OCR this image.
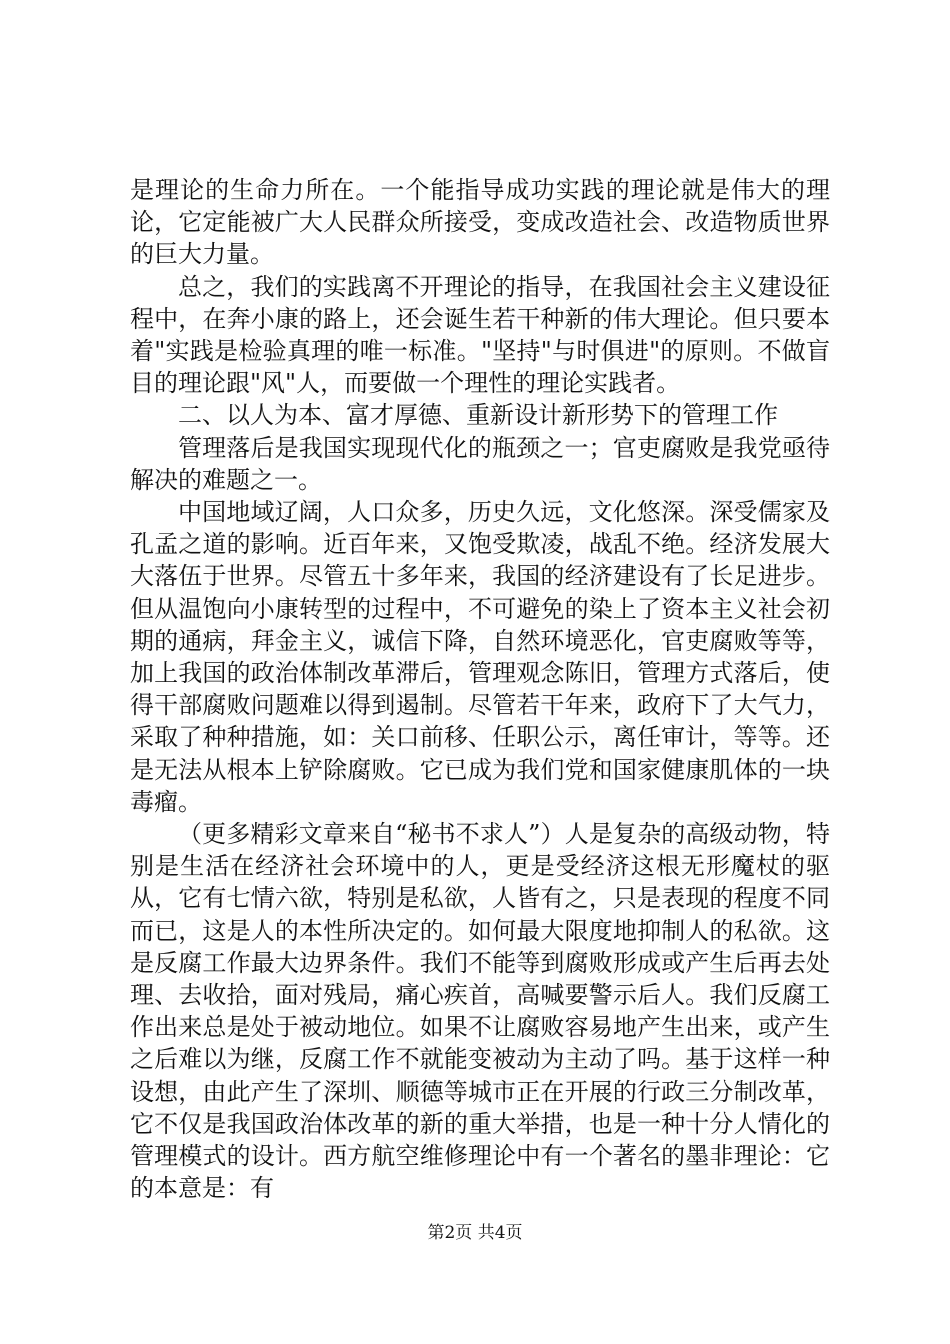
是理论的生命力所在。一个能指导成功实践的理论就是伟大的理论，它定能被广大人民群众所接受，变成改造社会、改造物质世界的巨大力量。

总之，我们的实践离不开理论的指导，在我国社会主义建设征程中，在奔小康的路上，还会诞生若干种新的伟大理论。但只要本着"实践是检验真理的唯一标准。"坚持"与时俱进"的原则。不做盲目的理论跟"风"人，而要做一个理性的理论实践者。

二、以人为本、富才厚德、重新设计新形势下的管理工作

管理落后是我国实现现代化的瓶颈之一；官吏腐败是我党亟待解决的难题之一。

中国地域辽阔，人口众多，历史久远，文化悠深。深受儒家及孔孟之道的影响。近百年来，又饱受欺凌，战乱不绝。经济发展大大落伍于世界。尽管五十多年来，我国的经济建设有了长足进步。但从温饱向小康转型的过程中，不可避免的染上了资本主义社会初期的通病，拜金主义，诚信下降，自然环境恶化，官吏腐败等等，加上我国的政治体制改革滞后，管理观念陈旧，管理方式落后，使得干部腐败问题难以得到遏制。尽管若干年来，政府下了大气力，采取了种种措施，如：关口前移、任职公示，离任审计，等等。还是无法从根本上铲除腐败。它已成为我们党和国家健康肌体的一块毒瘤。

（更多精彩文章来自“秘书不求人”）人是复杂的高级动物，特别是生活在经济社会环境中的人，更是受经济这根无形魔杖的驱从，它有七情六欲，特别是私欲，人皆有之，只是表现的程度不同而已，这是人的本性所决定的。如何最大限度地抑制人的私欲。这是反腐工作最大边界条件。我们不能等到腐败形成或产生后再去处理、去收拾，面对残局，痛心疾首，高喊要警示后人。我们反腐工作出来总是处于被动地位。如果不让腐败容易地产生出来，或产生之后难以为继，反腐工作不就能变被动为主动了吗。基于这样一种设想，由此产生了深圳、顺德等城市正在开展的行政三分制改革，它不仅是我国政治体改革的新的重大举措，也是一种十分人情化的管理模式的设计。西方航空维修理论中有一个著名的墨非理论：它的本意是：有

第2页 共4页
